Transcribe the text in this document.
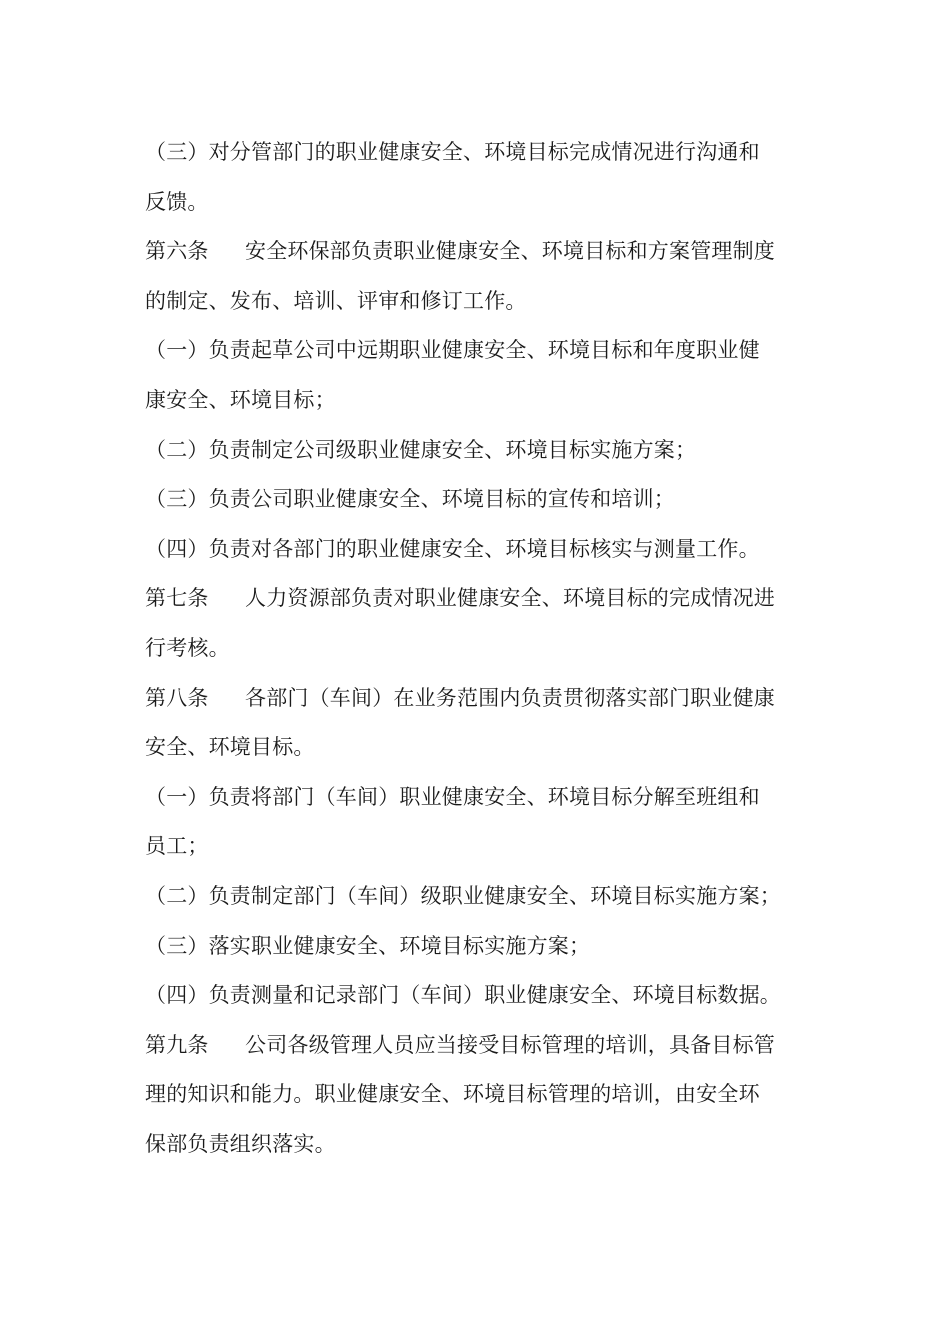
（三）对分管部门的职业健康安全、环境目标完成情况进行沟通和
反馈。
第六条 安全环保部负责职业健康安全、环境目标和方案管理制度
的制定、发布、培训、评审和修订工作。
（一）负责起草公司中远期职业健康安全、环境目标和年度职业健
康安全、环境目标；
（二）负责制定公司级职业健康安全、环境目标实施方案；
（三）负责公司职业健康安全、环境目标的宣传和培训；
（四）负责对各部门的职业健康安全、环境目标核实与测量工作。
第七条 人力资源部负责对职业健康安全、环境目标的完成情况进
行考核。
第八条 各部门（车间）在业务范围内负责贯彻落实部门职业健康
安全、环境目标。
（一）负责将部门（车间）职业健康安全、环境目标分解至班组和
员工；
（二）负责制定部门（车间）级职业健康安全、环境目标实施方案；
（三）落实职业健康安全、环境目标实施方案；
（四）负责测量和记录部门（车间）职业健康安全、环境目标数据。
第九条 公司各级管理人员应当接受目标管理的培训，具备目标管
理的知识和能力。职业健康安全、环境目标管理的培训，由安全环
保部负责组织落实。
